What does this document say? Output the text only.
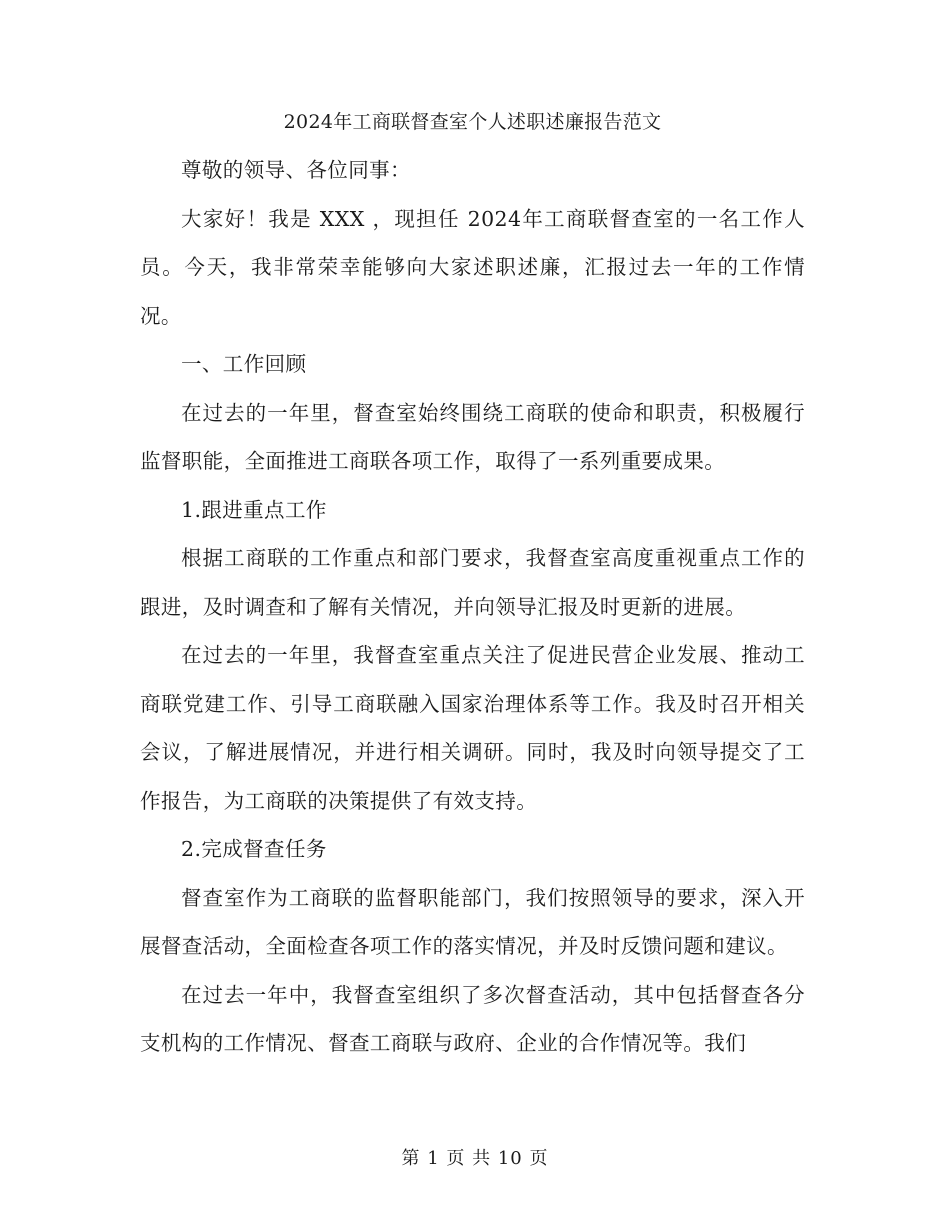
2024年工商联督查室个人述职述廉报告范文

尊敬的领导、各位同事：

大家好！我是 XXX ，现担任 2024年工商联督查室的一名工作人员。今天，我非常荣幸能够向大家述职述廉，汇报过去一年的工作情况。

一、工作回顾

在过去的一年里，督查室始终围绕工商联的使命和职责，积极履行监督职能，全面推进工商联各项工作，取得了一系列重要成果。

1.跟进重点工作

根据工商联的工作重点和部门要求，我督查室高度重视重点工作的跟进，及时调查和了解有关情况，并向领导汇报及时更新的进展。

在过去的一年里，我督查室重点关注了促进民营企业发展、推动工商联党建工作、引导工商联融入国家治理体系等工作。我及时召开相关会议，了解进展情况，并进行相关调研。同时，我及时向领导提交了工作报告，为工商联的决策提供了有效支持。

2.完成督查任务

督查室作为工商联的监督职能部门，我们按照领导的要求，深入开展督查活动，全面检查各项工作的落实情况，并及时反馈问题和建议。

在过去一年中，我督查室组织了多次督查活动，其中包括督查各分支机构的工作情况、督查工商联与政府、企业的合作情况等。我们

第 1 页 共 10 页
